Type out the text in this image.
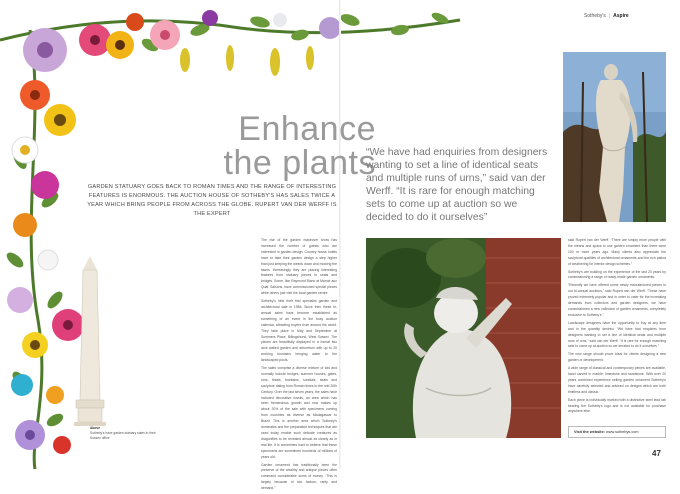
Sotheby's | Aspire
Enhance
the plants
GARDEN STATUARY GOES BACK TO ROMAN TIMES AND THE RANGE OF INTERESTING FEATURES IS ENORMOUS. THE AUCTION HOUSE OF SOTHEBY'S HAS SALES TWICE A YEAR WHICH BRING PEOPLE FROM ACROSS THE GLOBE. RUPERT VAN DER WERFF IS THE EXPERT
“We have had enquiries from designers wanting to set a line of identical seats and multiple runs of urns,” said van der Werff. “It is rare for enough matching sets to come up at auction so we decided to do it ourselves”

The rise of the garden makeover show has increased the number of guests who are interested in garden design. Country house hotels have to take their garden design a step higher than just keeping the weeds down and mowing the lawns. Increasingly they are placing interesting features from statuary pieces to seats and bridges. Some, like Raymond Blanc at Manoir aux Quat' Saisons, have commissioned special pieces while others just visit the local garden centre.

Sotheby's held their first specialist garden and architectural sale in 1986. Since then these bi-annual sales have become established as something of an event in the busy auction calendar, attracting buyers from around the world. They take place in May and September at Summers Place, Billingshurst, West Sussex. The pieces are beautifully displayed in a formal two acre walled garden and arboretum with up to 20 working fountains bringing water to the landscaped pools.

The sales comprise a diverse mixture of lots and normally include bridges, summer houses, gates, urns, finials, fountains, sundials, seats and sculpture dating from Roman times to the mid 20th Century. Over the last seven years, the sales have included decorative fossils, an area which has seen tremendous growth and now makes up about 20% of the sale with specimens coming from countries as diverse as Madagascar to Brazil. This is another area which Sotheby's dominates and the preparation techniques that are used today enable such delicate creatures as dragonflies to be revealed almost as clearly as in real life. It is sometimes hard to believe that these specimens are sometimes hundreds of millions of years old.

Garden ornament has traditionally been the preserve of the wealthy and antique pieces often command considerable sums of money. “This is largely because of two factors, rarity and demand,”

said Rupert van der Werff. “There are simply more people with the means and space to use garden ornament than there were 100 or more years ago. Many clients also appreciate the sculptural qualities of architectural ornaments and the rich patina of weathering for interior design schemes.”

Sotheby's are building on the experience of the last 20 years by commissioning a range of ready-made garden ornaments.

“Recently we have offered some newly manufactured pieces in our bi-annual auctions,” said Rupert van der Werff. “These have proved extremely popular and in order to cater for the increasing demands from collectors and garden designers, we have commissioned a new collection of garden ornaments, completely exclusive to Sotheby's.”

Landscape designers have the opportunity to buy at any time and in the quantity desired. “We have had enquiries from designers wanting to set a line of identical seats and multiple runs of urns,” said van der Werff. “It is rare for enough matching sets to come up at auction so we decided to do it ourselves.”

The new range should prove ideal for clients designing a new garden or development.

A wide range of classical and contemporary pieces are available, hand carved in marble, limestone and sandstone. With over 20 years combined experience selling garden ornament Sotheby's have carefully selected and advised on designs which are both timeless and classic.

Each piece is individually marked with a distinctive steel lead tab bearing the Sotheby's logo and is not available for purchase anywhere else.

Above
Sotheby's have garden statuary sales in their Sussex office
Visit the website: www.sothebys.com
47
